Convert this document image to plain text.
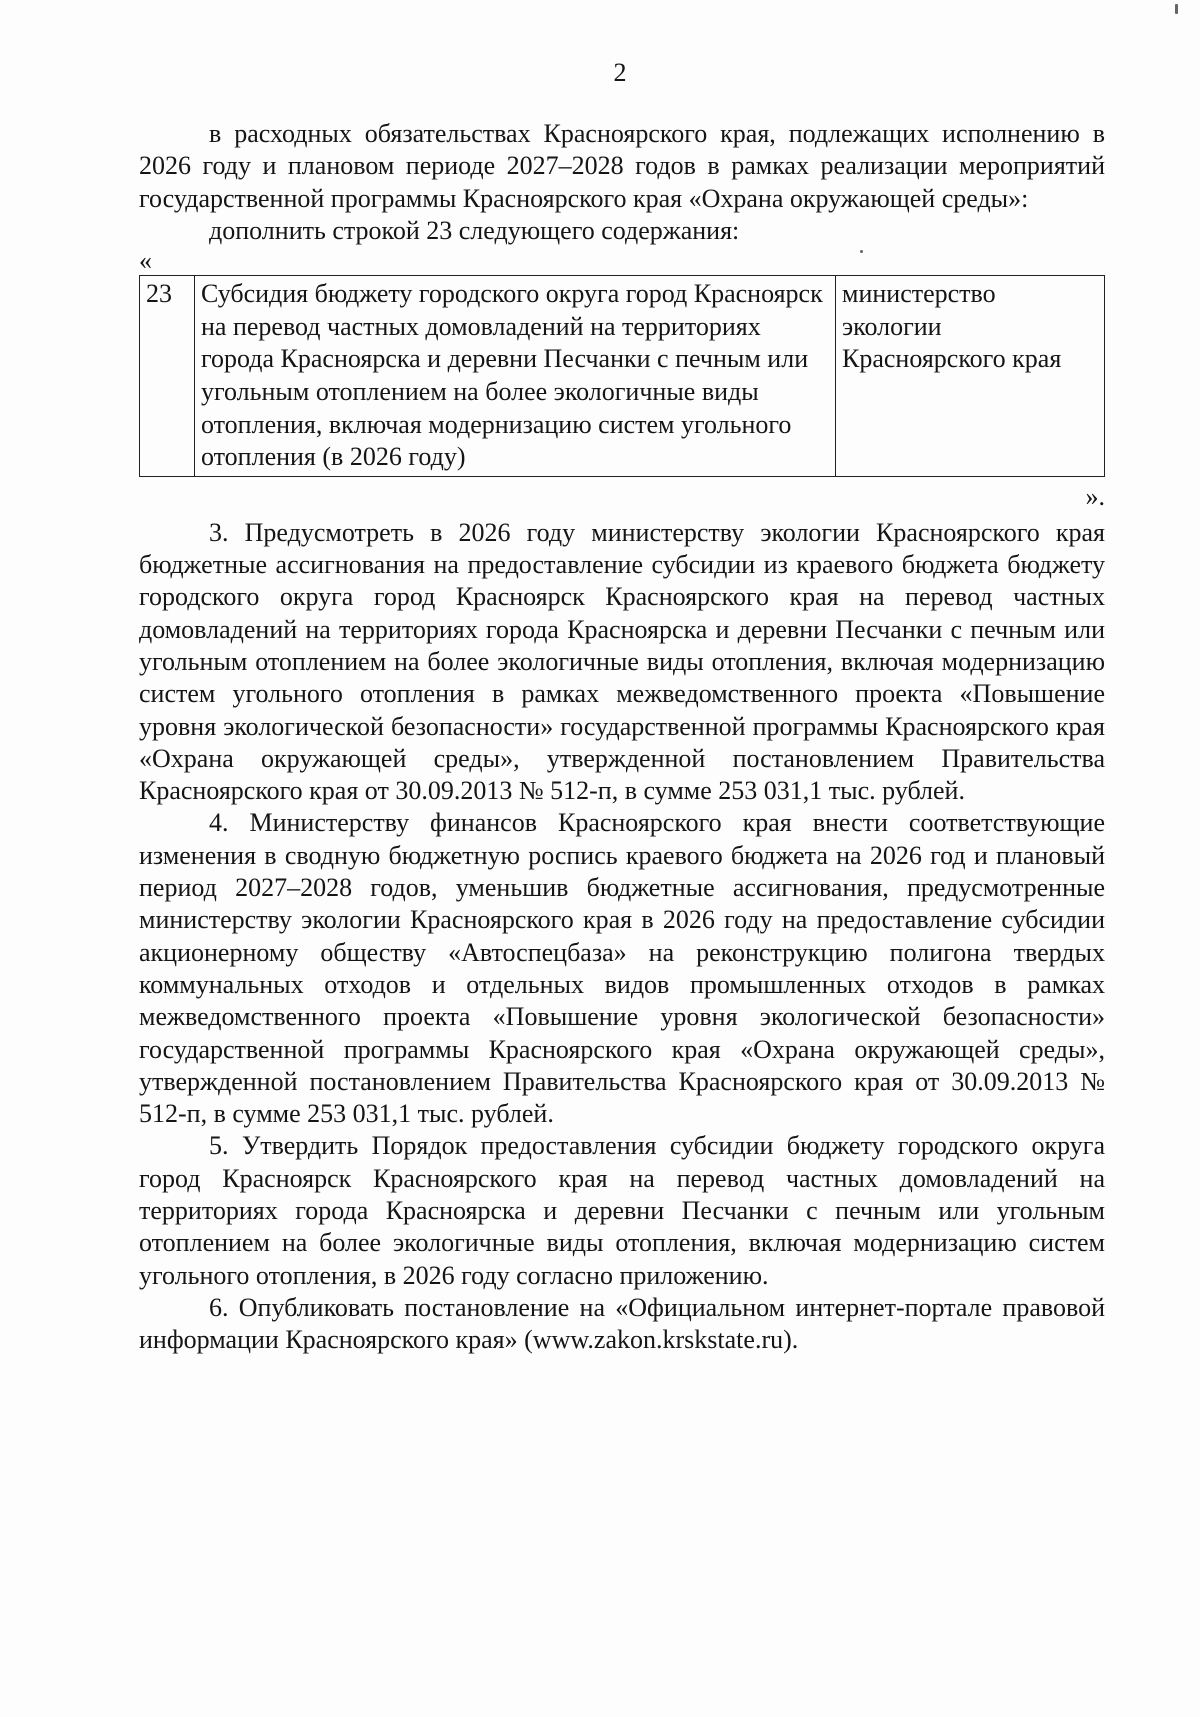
2

в расходных обязательствах Красноярского края, подлежащих исполнению в 2026 году и плановом периоде 2027–2028 годов в рамках реализации мероприятий государственной программы Красноярского края «Охрана окружающей среды»:

дополнить строкой 23 следующего содержания:

«
23	Субсидия бюджету городского округа город Красноярск на перевод частных домовладений на территориях города Красноярска и деревни Песчанки с печным или угольным отоплением на более экологичные виды отопления, включая модернизацию систем угольного отопления (в 2026 году)	министерство экологии Красноярского края
».

3. Предусмотреть в 2026 году министерству экологии Красноярского края бюджетные ассигнования на предоставление субсидии из краевого бюджета бюджету городского округа город Красноярск Красноярского края на перевод частных домовладений на территориях города Красноярска и деревни Песчанки с печным или угольным отоплением на более экологичные виды отопления, включая модернизацию систем угольного отопления в рамках межведомственного проекта «Повышение уровня экологической безопасности» государственной программы Красноярского края «Охрана окружающей среды», утвержденной постановлением Правительства Красноярского края от 30.09.2013 № 512-п, в сумме 253 031,1 тыс. рублей.

4. Министерству финансов Красноярского края внести соответствующие изменения в сводную бюджетную роспись краевого бюджета на 2026 год и плановый период 2027–2028 годов, уменьшив бюджетные ассигнования, предусмотренные министерству экологии Красноярского края в 2026 году на предоставление субсидии акционерному обществу «Автоспецбаза» на реконструкцию полигона твердых коммунальных отходов и отдельных видов промышленных отходов в рамках межведомственного проекта «Повышение уровня экологической безопасности» государственной программы Красноярского края «Охрана окружающей среды», утвержденной постановлением Правительства Красноярского края от 30.09.2013 № 512-п, в сумме 253 031,1 тыс. рублей.

5. Утвердить Порядок предоставления субсидии бюджету городского округа город Красноярск Красноярского края на перевод частных домовладений на территориях города Красноярска и деревни Песчанки с печным или угольным отоплением на более экологичные виды отопления, включая модернизацию систем угольного отопления, в 2026 году согласно приложению.

6. Опубликовать постановление на «Официальном интернет-портале правовой информации Красноярского края» (www.zakon.krskstate.ru).
